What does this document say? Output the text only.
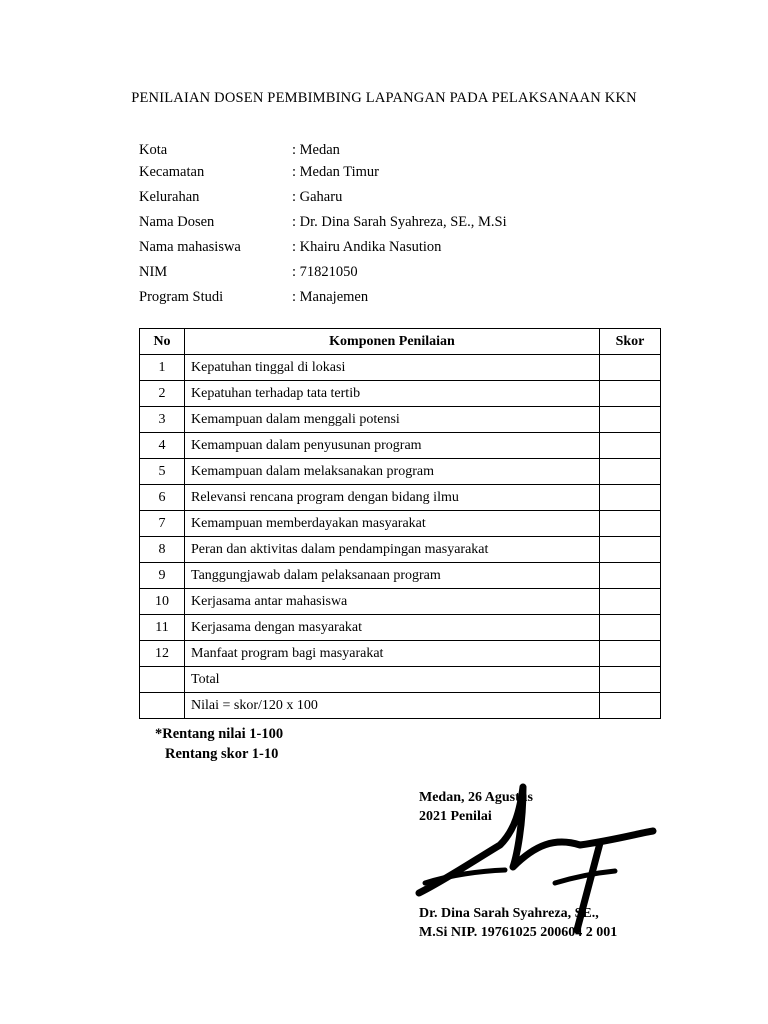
PENILAIAN DOSEN PEMBIMBING LAPANGAN PADA PELAKSANAAN KKN
Kota	: Medan
Kecamatan	: Medan Timur
Kelurahan	: Gaharu
Nama Dosen	: Dr. Dina Sarah Syahreza, SE., M.Si
Nama mahasiswa	: Khairu Andika Nasution
NIM	: 71821050
Program Studi	: Manajemen
No	Komponen Penilaian	Skor
1	Kepatuhan tinggal di lokasi	
2	Kepatuhan terhadap tata tertib	
3	Kemampuan dalam menggali potensi	
4	Kemampuan dalam penyusunan program	
5	Kemampuan dalam melaksanakan program	
6	Relevansi rencana program dengan bidang ilmu	
7	Kemampuan memberdayakan masyarakat	
8	Peran dan aktivitas dalam pendampingan masyarakat	
9	Tanggungjawab dalam pelaksanaan program	
10	Kerjasama antar mahasiswa	
11	Kerjasama dengan masyarakat	
12	Manfaat program bagi masyarakat	
	Total	
	Nilai = skor/120 x 100	
*Rentang nilai 1-100
Rentang skor 1-10
Medan, 26 Agustus
2021 Penilai
Dr. Dina Sarah Syahreza, SE.,
M.Si NIP. 19761025 200604 2 001
